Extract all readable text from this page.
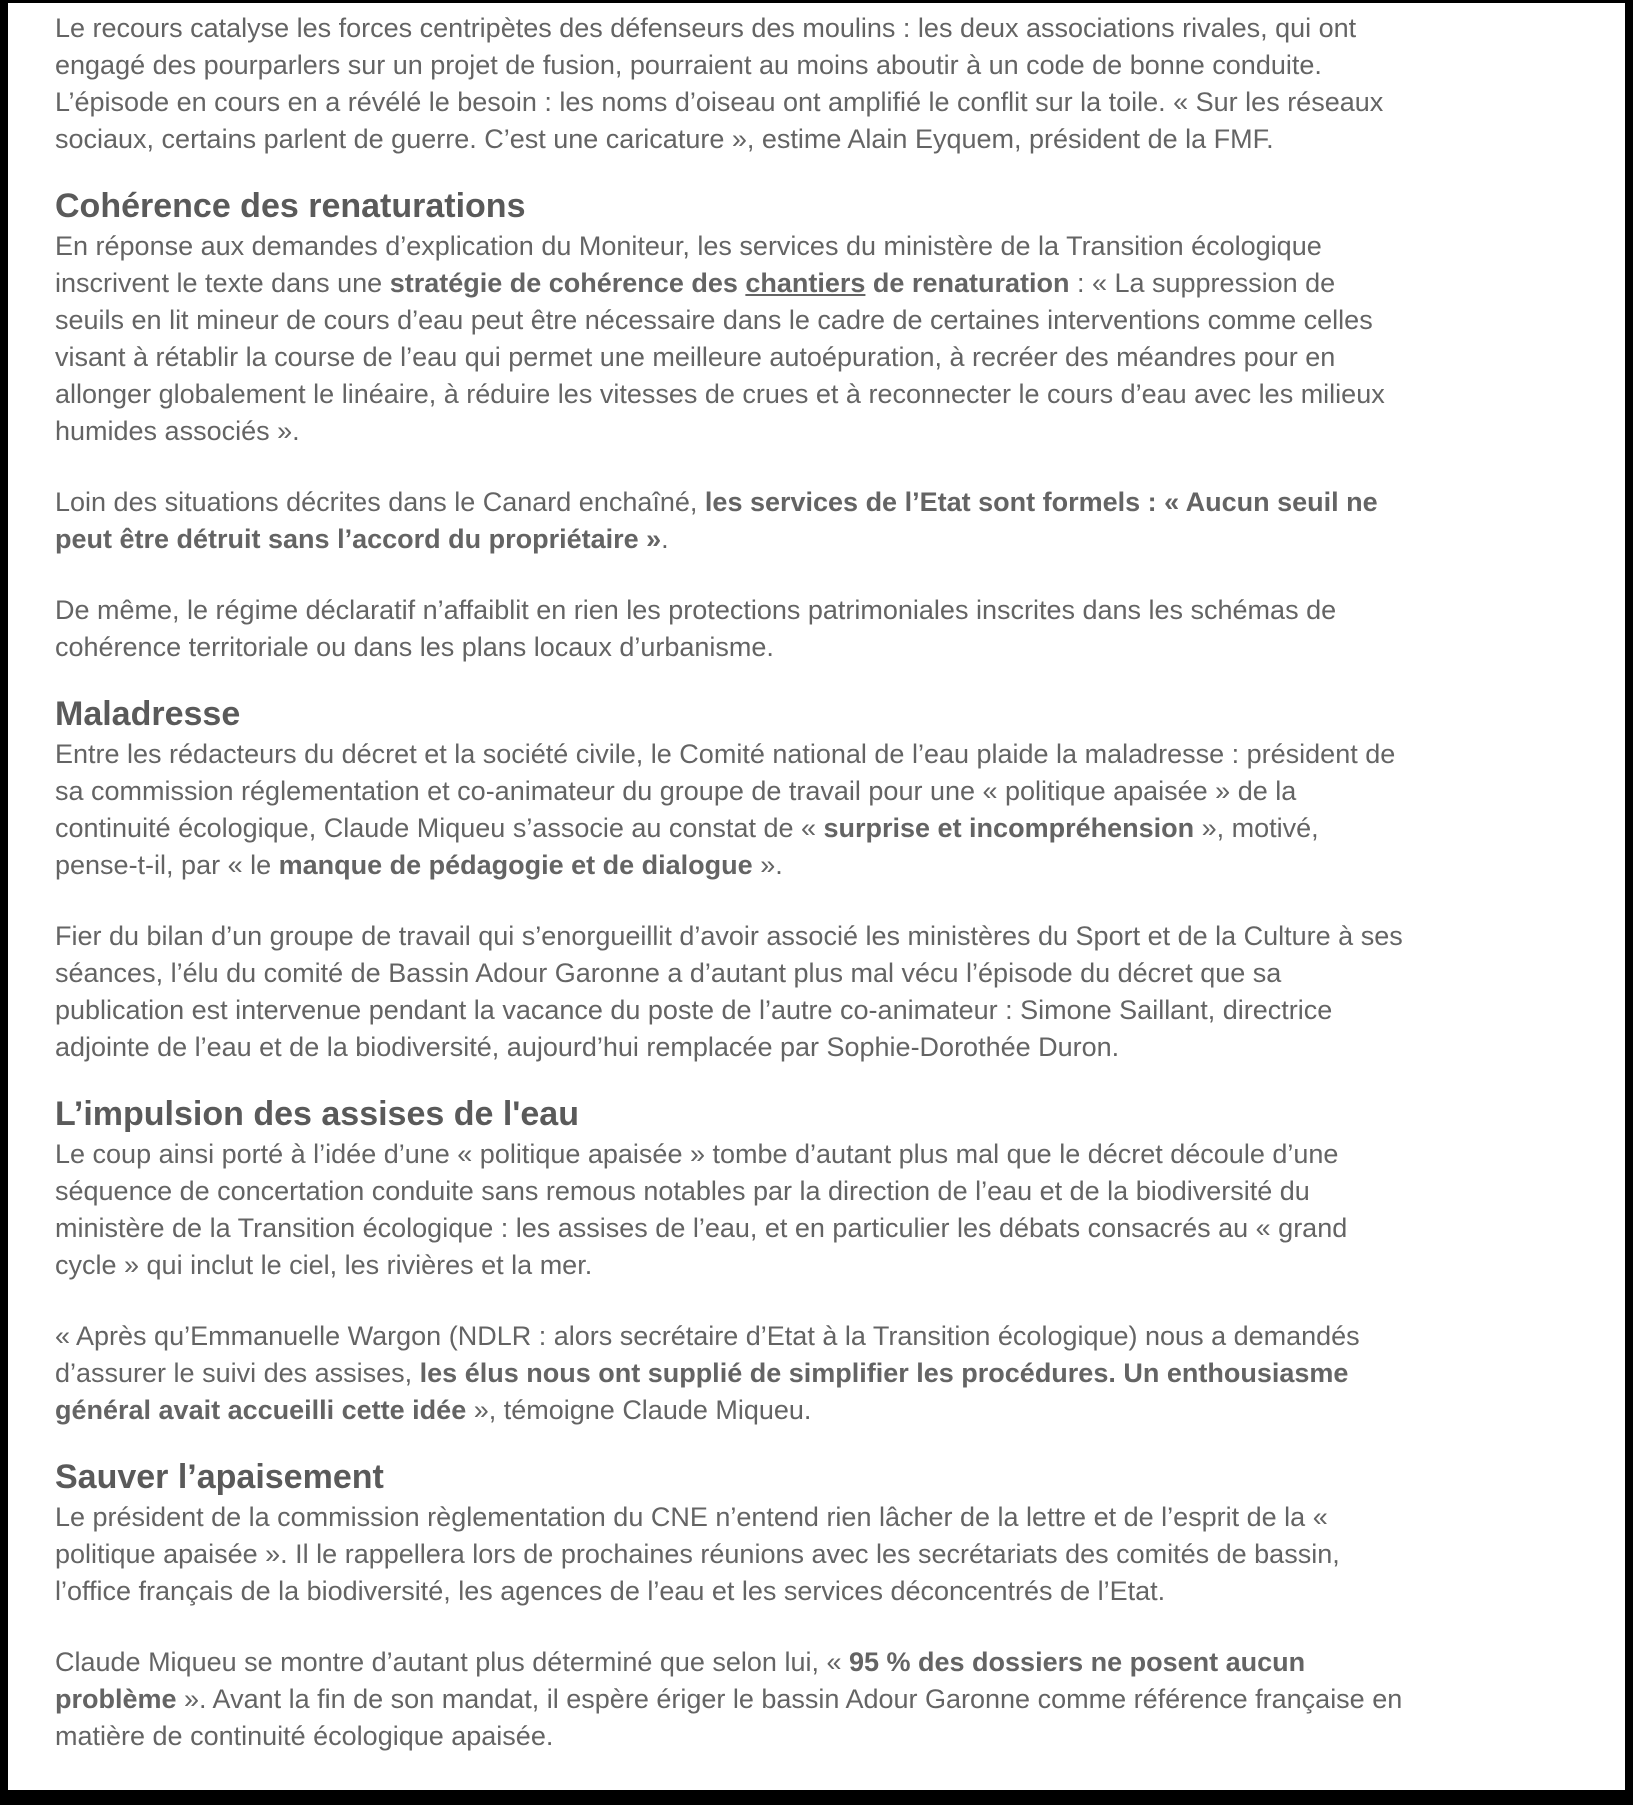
Le recours catalyse les forces centripètes des défenseurs des moulins : les deux associations rivales, qui ont engagé des pourparlers sur un projet de fusion, pourraient au moins aboutir à un code de bonne conduite. L’épisode en cours en a révélé le besoin : les noms d’oiseau ont amplifié le conflit sur la toile. « Sur les réseaux sociaux, certains parlent de guerre. C’est une caricature », estime Alain Eyquem, président de la FMF.

Cohérence des renaturations

En réponse aux demandes d’explication du Moniteur, les services du ministère de la Transition écologique inscrivent le texte dans une stratégie de cohérence des chantiers de renaturation : « La suppression de seuils en lit mineur de cours d’eau peut être nécessaire dans le cadre de certaines interventions comme celles visant à rétablir la course de l’eau qui permet une meilleure autoépuration, à recréer des méandres pour en allonger globalement le linéaire, à réduire les vitesses de crues et à reconnecter le cours d’eau avec les milieux humides associés ».

Loin des situations décrites dans le Canard enchaîné, les services de l’Etat sont formels : « Aucun seuil ne peut être détruit sans l’accord du propriétaire ».

De même, le régime déclaratif n’affaiblit en rien les protections patrimoniales inscrites dans les schémas de cohérence territoriale ou dans les plans locaux d’urbanisme.

Maladresse

Entre les rédacteurs du décret et la société civile, le Comité national de l’eau plaide la maladresse : président de sa commission réglementation et co-animateur du groupe de travail pour une « politique apaisée » de la continuité écologique, Claude Miqueu s’associe au constat de « surprise et incompréhension », motivé, pense-t-il, par « le manque de pédagogie et de dialogue ».

Fier du bilan d’un groupe de travail qui s’enorgueillit d’avoir associé les ministères du Sport et de la Culture à ses séances, l’élu du comité de Bassin Adour Garonne a d’autant plus mal vécu l’épisode du décret que sa publication est intervenue pendant la vacance du poste de l’autre co-animateur : Simone Saillant, directrice adjointe de l’eau et de la biodiversité, aujourd’hui remplacée par Sophie-Dorothée Duron.

L’impulsion des assises de l'eau

Le coup ainsi porté à l’idée d’une « politique apaisée » tombe d’autant plus mal que le décret découle d’une séquence de concertation conduite sans remous notables par la direction de l’eau et de la biodiversité du ministère de la Transition écologique : les assises de l’eau, et en particulier les débats consacrés au « grand cycle » qui inclut le ciel, les rivières et la mer.

« Après qu’Emmanuelle Wargon (NDLR : alors secrétaire d’Etat à la Transition écologique) nous a demandés d’assurer le suivi des assises, les élus nous ont supplié de simplifier les procédures. Un enthousiasme général avait accueilli cette idée », témoigne Claude Miqueu.

Sauver l’apaisement

Le président de la commission règlementation du CNE n’entend rien lâcher de la lettre et de l’esprit de la « politique apaisée ». Il le rappellera lors de prochaines réunions avec les secrétariats des comités de bassin, l’office français de la biodiversité, les agences de l’eau et les services déconcentrés de l’Etat.

Claude Miqueu se montre d’autant plus déterminé que selon lui, « 95 % des dossiers ne posent aucun problème ». Avant la fin de son mandat, il espère ériger le bassin Adour Garonne comme référence française en matière de continuité écologique apaisée.
